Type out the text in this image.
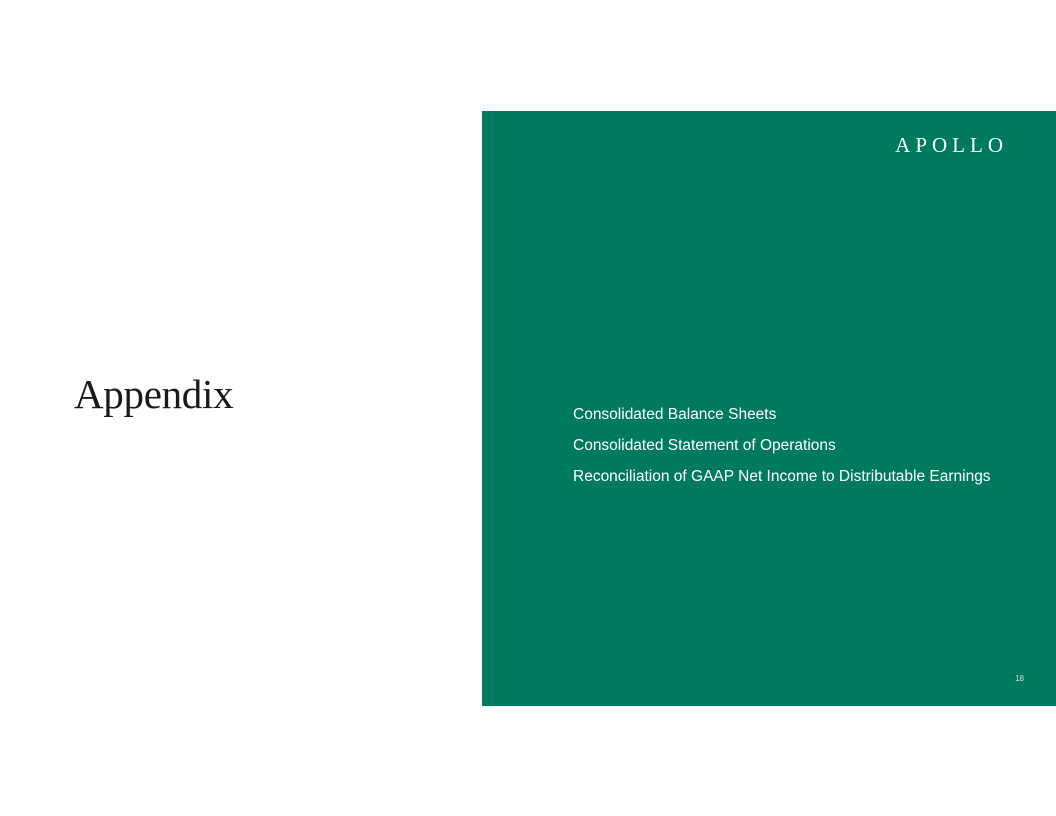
Appendix
APOLLO
Consolidated Balance Sheets
Consolidated Statement of Operations
Reconciliation of GAAP Net Income to Distributable Earnings
18
